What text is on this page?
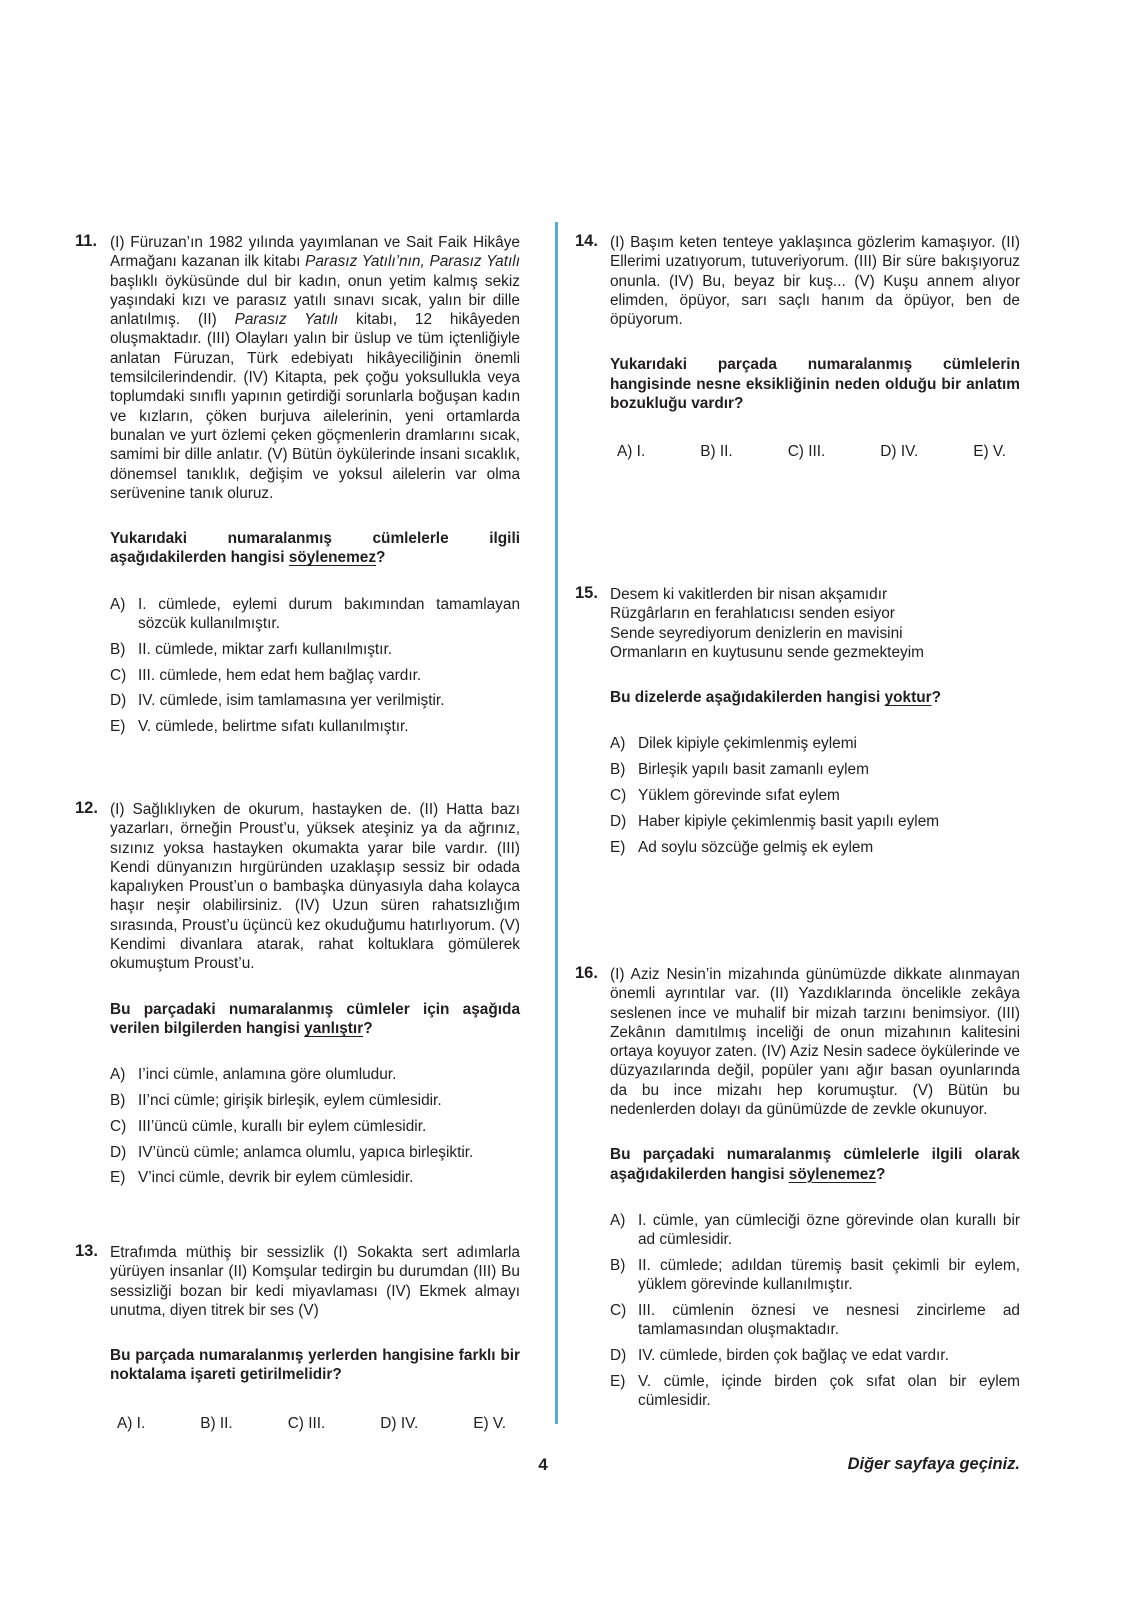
11. (I) Füruzan’ın 1982 yılında yayımlanan ve Sait Faik Hikâye Armağanı kazanan ilk kitabı Parasız Yatılı’nın, Parasız Yatılı başlıklı öyküsünde dul bir kadın, onun yetim kalmış sekiz yaşındaki kızı ve parasız yatılı sınavı sıcak, yalın bir dille anlatılmış. (II) Parasız Yatılı kitabı, 12 hikâyeden oluşmaktadır. (III) Olayları yalın bir üslup ve tüm içtenliğiyle anlatan Füruzan, Türk edebiyatı hikâyeciliğinin önemli temsilcilerindendir. (IV) Kitapta, pek çoğu yoksullukla veya toplumdaki sınıflı yapının getirdiği sorunlarla boğuşan kadın ve kızların, çöken burjuva ailelerinin, yeni ortamlarda bunalan ve yurt özlemi çeken göçmenlerin dramlarını sıcak, samimi bir dille anlatır. (V) Bütün öykülerinde insani sıcaklık, dönemsel tanıklık, değişim ve yoksul ailelerin var olma serüvenine tanık oluruz.

Yukarıdaki numaralanmış cümlelerle ilgili aşağıdakilerden hangisi söylenemez?

A) I. cümlede, eylemi durum bakımından tamamlayan sözcük kullanılmıştır.
B) II. cümlede, miktar zarfı kullanılmıştır.
C) III. cümlede, hem edat hem bağlaç vardır.
D) IV. cümlede, isim tamlamasına yer verilmiştir.
E) V. cümlede, belirtme sıfatı kullanılmıştır.
12. (I) Sağlıklıyken de okurum, hastayken de. (II) Hatta bazı yazarları, örneğin Proust’u, yüksek ateşiniz ya da ağrınız, sızınız yoksa hastayken okumakta yarar bile vardır. (III) Kendi dünyanızın hırgüründen uzaklaşıp sessiz bir odada kapalıyken Proust’un o bambaşka dünyasıyla daha kolayca haşır neşir olabilirsiniz. (IV) Uzun süren rahatsızlığım sırasında, Proust’u üçüncü kez okuduğumu hatırlıyorum. (V) Kendimi divanlara atarak, rahat koltuklara gömülerek okumuştum Proust’u.

Bu parçadaki numaralanmış cümleler için aşağıda verilen bilgilerden hangisi yanlıştır?

A) I’inci cümle, anlamına göre olumludur.
B) II’nci cümle; girişik birleşik, eylem cümlesidir.
C) III’üncü cümle, kurallı bir eylem cümlesidir.
D) IV’üncü cümle; anlamca olumlu, yapıca birleşiktir.
E) V’inci cümle, devrik bir eylem cümlesidir.
13. Etrafımda müthiş bir sessizlik (I) Sokakta sert adımlarla yürüyen insanlar (II) Komşular tedirgin bu durumdan (III) Bu sessizliği bozan bir kedi miyavlaması (IV) Ekmek almayı unutma, diyen titrek bir ses (V)

Bu parçada numaralanmış yerlerden hangisine farklı bir noktalama işareti getirilmelidir?

A) I.	B) II.	C) III.	D) IV.	E) V.
14. (I) Başım keten tenteye yaklaşınca gözlerim kamaşıyor. (II) Ellerimi uzatıyorum, tutuveriyorum. (III) Bir süre bakışıyoruz onunla. (IV) Bu, beyaz bir kuş... (V) Kuşu annem alıyor elimden, öpüyor, sarı saçlı hanım da öpüyor, ben de öpüyorum.

Yukarıdaki parçada numaralanmış cümlelerin hangisinde nesne eksikliğinin neden olduğu bir anlatım bozukluğu vardır?

A) I.	B) II.	C) III.	D) IV.	E) V.
15. Desem ki vakitlerden bir nisan akşamıdır

Rüzgârların en ferahlatıcısı senden esiyor

Sende seyrediyorum denizlerin en mavisini

Ormanların en kuytusunu sende gezmekteyim

Bu dizelerde aşağıdakilerden hangisi yoktur?

A) Dilek kipiyle çekimlenmiş eylemi
B) Birleşik yapılı basit zamanlı eylem
C) Yüklem görevinde sıfat eylem
D) Haber kipiyle çekimlenmiş basit yapılı eylem
E) Ad soylu sözcüğe gelmiş ek eylem
16. (I) Aziz Nesin’in mizahında günümüzde dikkate alınmayan önemli ayrıntılar var. (II) Yazdıklarında öncelikle zekâya seslenen ince ve muhalif bir mizah tarzını benimsiyor. (III) Zekânın damıtılmış inceliği de onun mizahının kalitesini ortaya koyuyor zaten. (IV) Aziz Nesin sadece öykülerinde ve düzyazılarında değil, popüler yanı ağır basan oyunlarında da bu ince mizahı hep korumuştur. (V) Bütün bu nedenlerden dolayı da günümüzde de zevkle okunuyor.

Bu parçadaki numaralanmış cümlelerle ilgili olarak aşağıdakilerden hangisi söylenemez?

A) I. cümle, yan cümleciği özne görevinde olan kurallı bir ad cümlesidir.
B) II. cümlede; adıldan türemiş basit çekimli bir eylem, yüklem görevinde kullanılmıştır.
C) III. cümlenin öznesi ve nesnesi zincirleme ad tamlamasından oluşmaktadır.
D) IV. cümlede, birden çok bağlaç ve edat vardır.
E) V. cümle, içinde birden çok sıfat olan bir eylem cümlesidir.
4	Diğer sayfaya geçiniz.
